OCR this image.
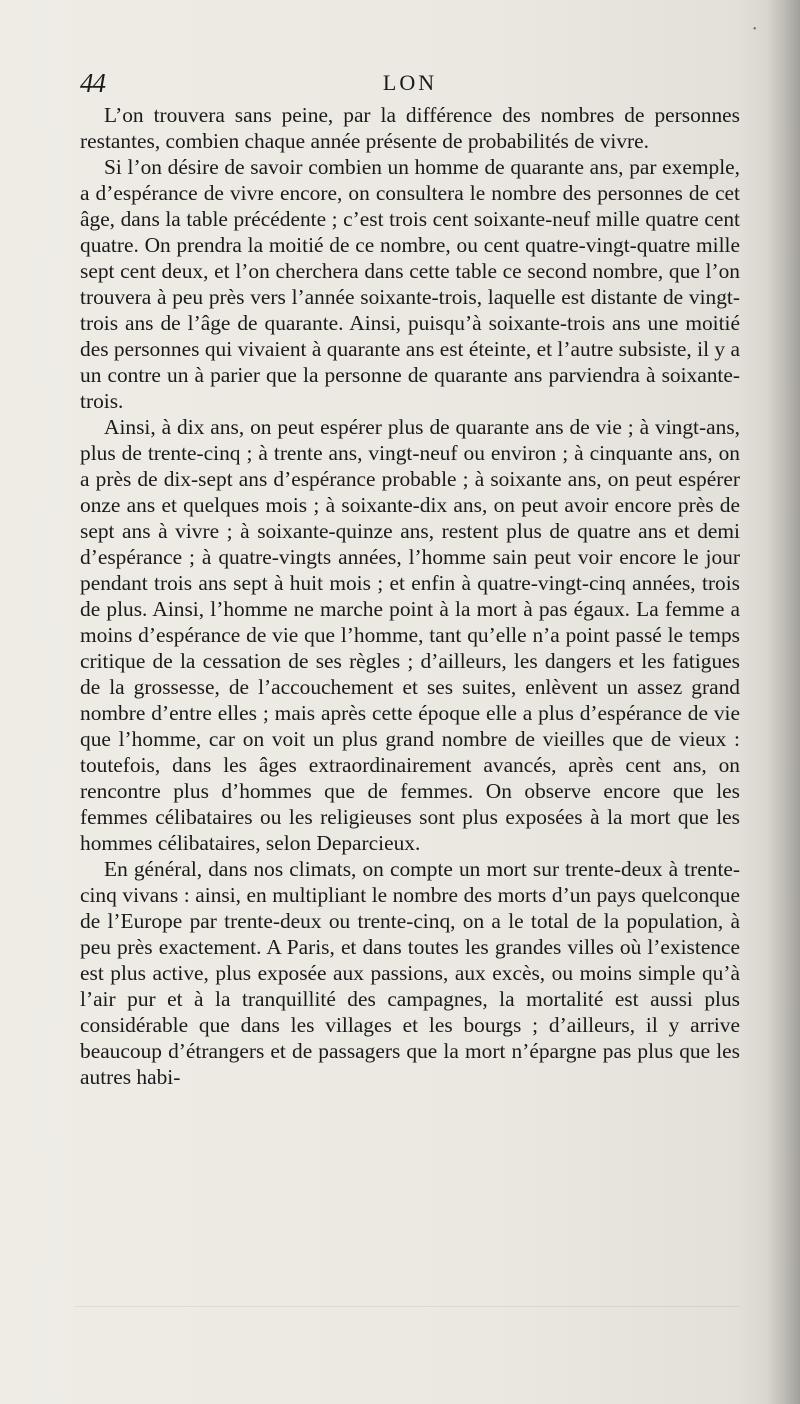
·
44	LON

L’on trouvera sans peine, par la différence des nombres de personnes restantes, combien chaque année présente de probabilités de vivre.

Si l’on désire de savoir combien un homme de quarante ans, par exemple, a d’espérance de vivre encore, on consultera le nombre des personnes de cet âge, dans la table précédente ; c’est trois cent soixante-neuf mille quatre cent quatre. On prendra la moitié de ce nombre, ou cent quatre-vingt-quatre mille sept cent deux, et l’on cherchera dans cette table ce second nombre, que l’on trouvera à peu près vers l’année soixante-trois, laquelle est distante de vingt-trois ans de l’âge de quarante. Ainsi, puisqu’à soixante-trois ans une moitié des personnes qui vivaient à quarante ans est éteinte, et l’autre subsiste, il y a un contre un à parier que la personne de quarante ans parviendra à soixante-trois.

Ainsi, à dix ans, on peut espérer plus de quarante ans de vie ; à vingt-ans, plus de trente-cinq ; à trente ans, vingt-neuf ou environ ; à cinquante ans, on a près de dix-sept ans d’espérance probable ; à soixante ans, on peut espérer onze ans et quelques mois ; à soixante-dix ans, on peut avoir encore près de sept ans à vivre ; à soixante-quinze ans, restent plus de quatre ans et demi d’espérance ; à quatre-vingts années, l’homme sain peut voir encore le jour pendant trois ans sept à huit mois ; et enfin à quatre-vingt-cinq années, trois de plus. Ainsi, l’homme ne marche point à la mort à pas égaux. La femme a moins d’espérance de vie que l’homme, tant qu’elle n’a point passé le temps critique de la cessation de ses règles ; d’ailleurs, les dangers et les fatigues de la grossesse, de l’accouchement et ses suites, enlèvent un assez grand nombre d’entre elles ; mais après cette époque elle a plus d’espérance de vie que l’homme, car on voit un plus grand nombre de vieilles que de vieux : toutefois, dans les âges extraordinairement avancés, après cent ans, on rencontre plus d’hommes que de femmes. On observe encore que les femmes célibataires ou les religieuses sont plus exposées à la mort que les hommes célibataires, selon Deparcieux.

En général, dans nos climats, on compte un mort sur trente-deux à trente-cinq vivans : ainsi, en multipliant le nombre des morts d’un pays quelconque de l’Europe par trente-deux ou trente-cinq, on a le total de la population, à peu près exactement. A Paris, et dans toutes les grandes villes où l’existence est plus active, plus exposée aux passions, aux excès, ou moins simple qu’à l’air pur et à la tranquillité des campagnes, la mortalité est aussi plus considérable que dans les villages et les bourgs ; d’ailleurs, il y arrive beaucoup d’étrangers et de passagers que la mort n’épargne pas plus que les autres habi-
